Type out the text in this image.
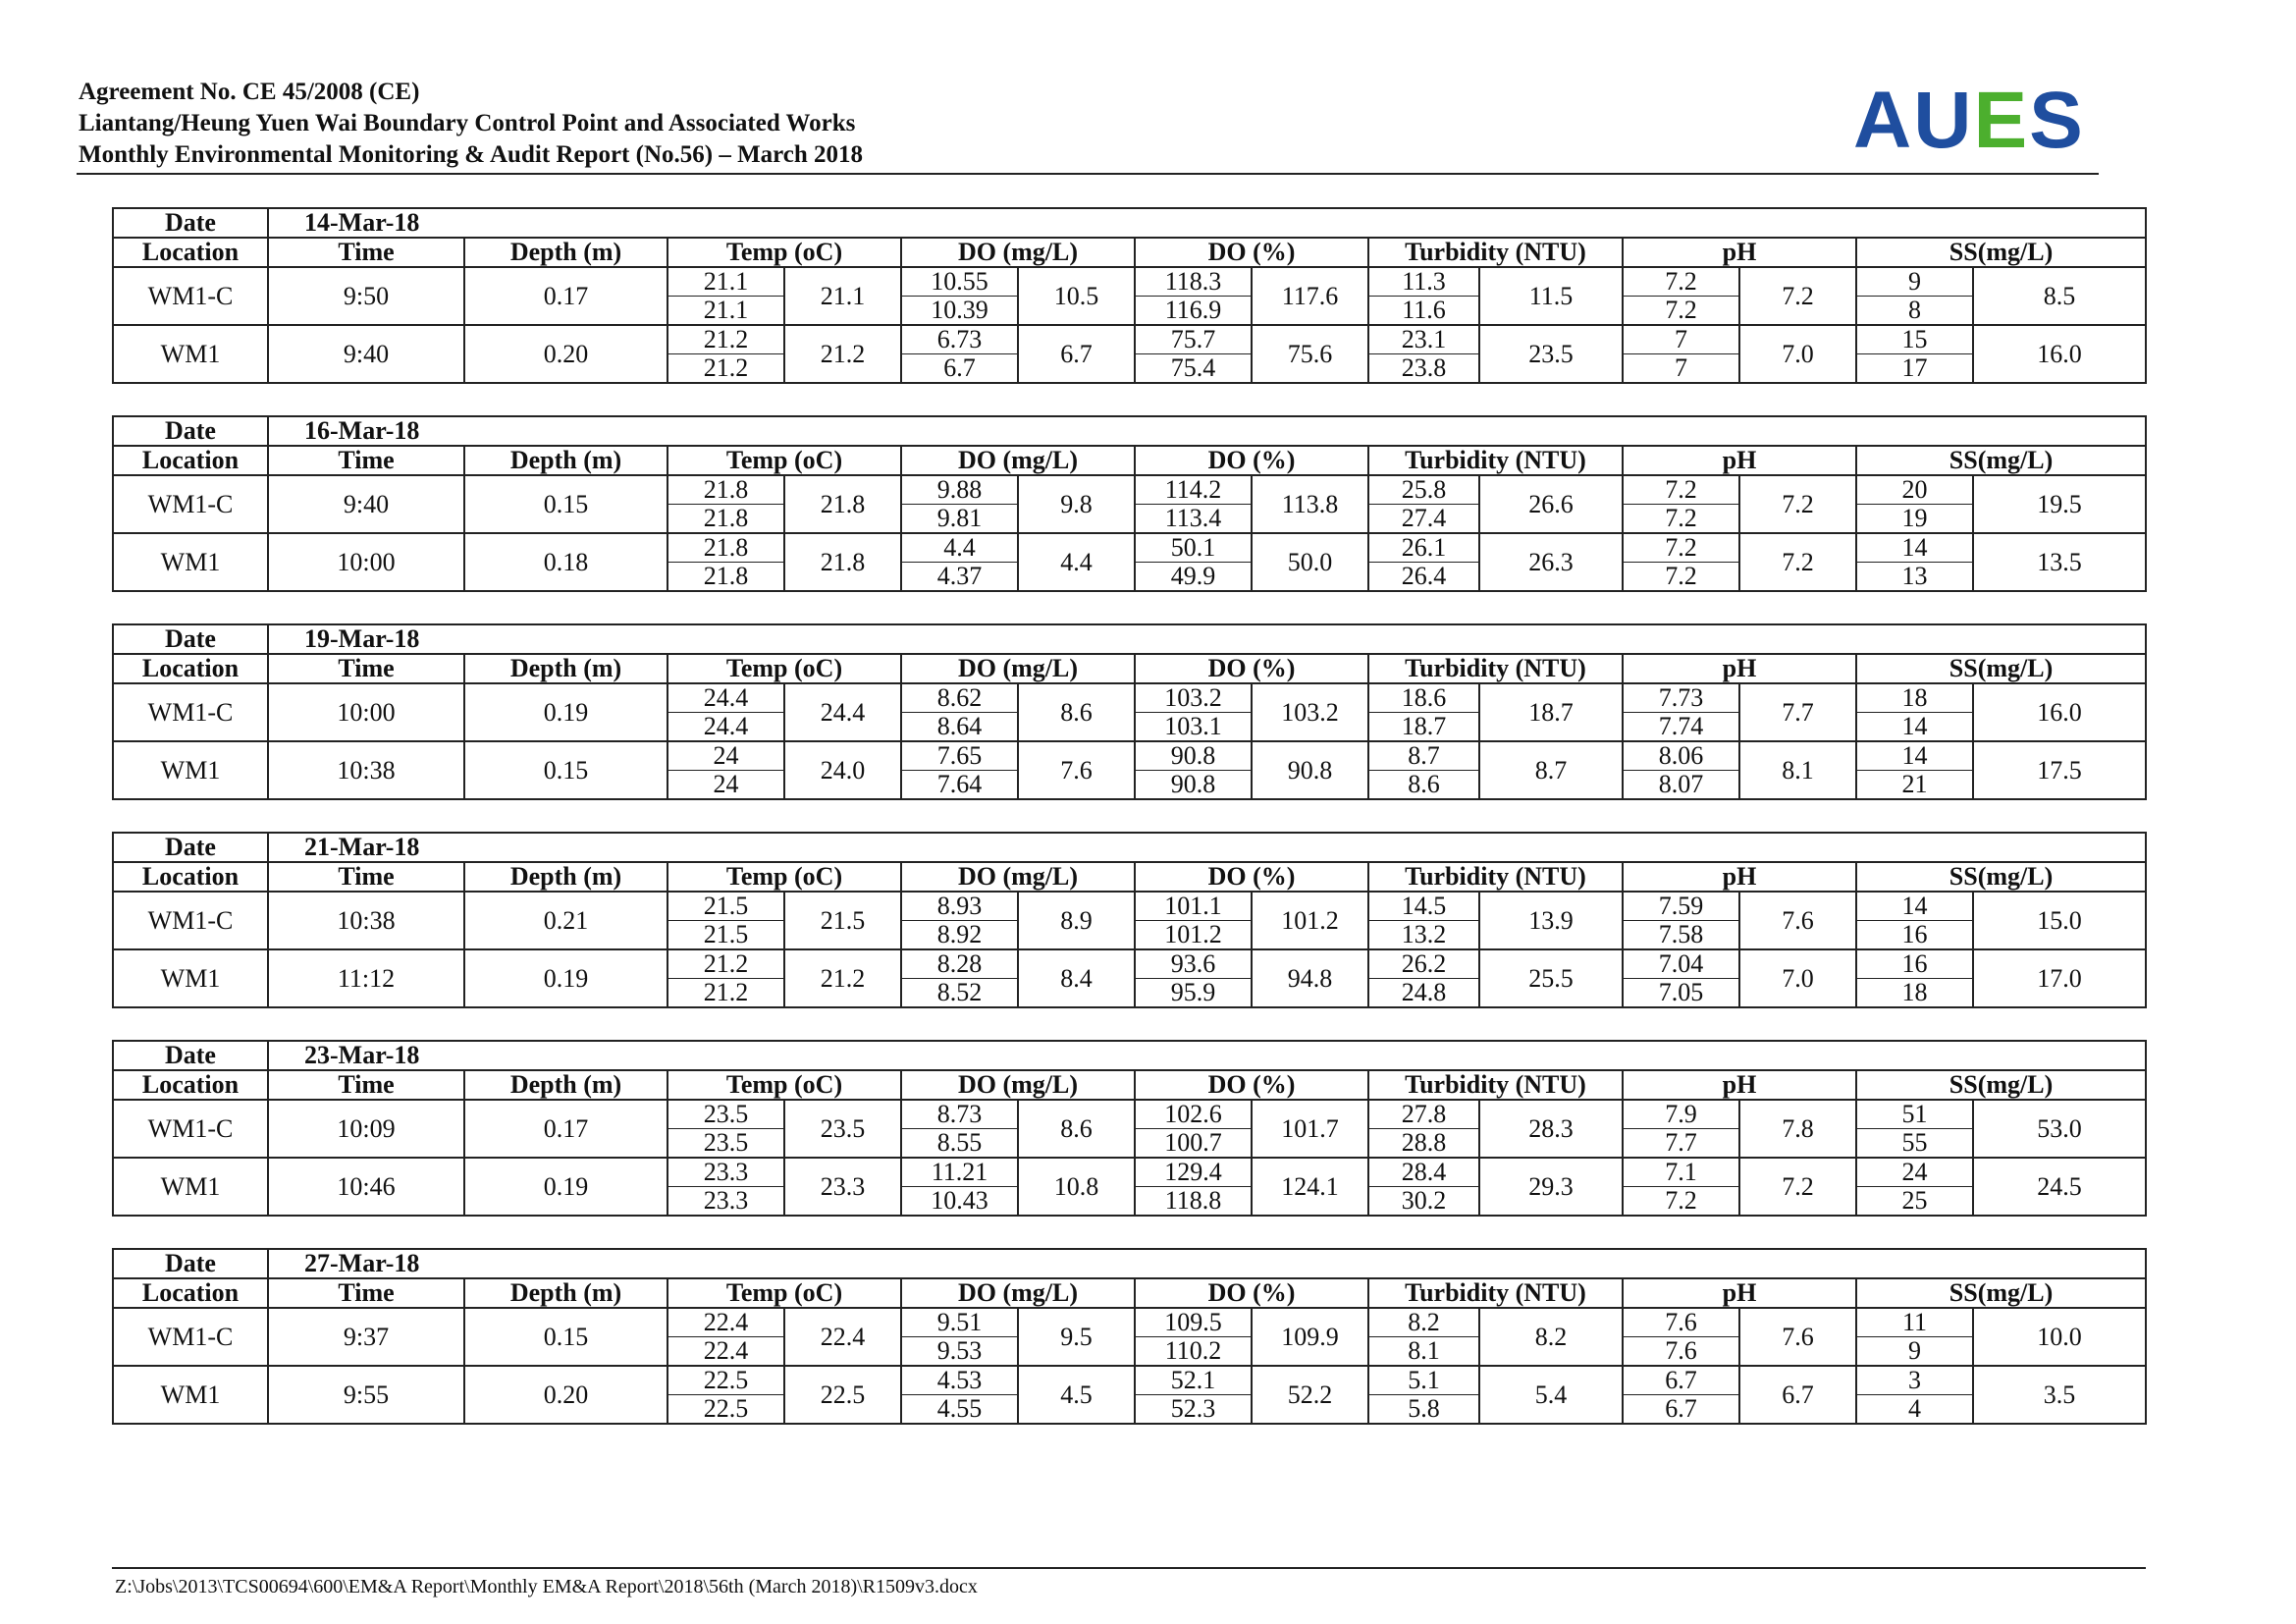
Agreement No. CE 45/2008 (CE)
Liantang/Heung Yuen Wai Boundary Control Point and Associated Works
Monthly Environmental Monitoring & Audit Report (No.56) – March 2018	AUES
Date	14-Mar-18													
Location	Time	Depth (m)	Temp (oC)		DO (mg/L)		DO (%)		Turbidity (NTU)		pH		SS(mg/L)	
WM1-C	9:50	0.17	21.1	21.1	10.55	10.5	118.3	117.6	11.3	11.5	7.2	7.2	9	8.5
			21.1		10.39		116.9		11.6		7.2		8	
WM1	9:40	0.20	21.2	21.2	6.73	6.7	75.7	75.6	23.1	23.5	7	7.0	15	16.0
			21.2		6.7		75.4		23.8		7		17	
Date	16-Mar-18													
Location	Time	Depth (m)	Temp (oC)		DO (mg/L)		DO (%)		Turbidity (NTU)		pH		SS(mg/L)	
WM1-C	9:40	0.15	21.8	21.8	9.88	9.8	114.2	113.8	25.8	26.6	7.2	7.2	20	19.5
			21.8		9.81		113.4		27.4		7.2		19	
WM1	10:00	0.18	21.8	21.8	4.4	4.4	50.1	50.0	26.1	26.3	7.2	7.2	14	13.5
			21.8		4.37		49.9		26.4		7.2		13	
Date	19-Mar-18													
Location	Time	Depth (m)	Temp (oC)		DO (mg/L)		DO (%)		Turbidity (NTU)		pH		SS(mg/L)	
WM1-C	10:00	0.19	24.4	24.4	8.62	8.6	103.2	103.2	18.6	18.7	7.73	7.7	18	16.0
			24.4		8.64		103.1		18.7		7.74		14	
WM1	10:38	0.15	24	24.0	7.65	7.6	90.8	90.8	8.7	8.7	8.06	8.1	14	17.5
			24		7.64		90.8		8.6		8.07		21	
Date	21-Mar-18													
Location	Time	Depth (m)	Temp (oC)		DO (mg/L)		DO (%)		Turbidity (NTU)		pH		SS(mg/L)	
WM1-C	10:38	0.21	21.5	21.5	8.93	8.9	101.1	101.2	14.5	13.9	7.59	7.6	14	15.0
			21.5		8.92		101.2		13.2		7.58		16	
WM1	11:12	0.19	21.2	21.2	8.28	8.4	93.6	94.8	26.2	25.5	7.04	7.0	16	17.0
			21.2		8.52		95.9		24.8		7.05		18	
Date	23-Mar-18													
Location	Time	Depth (m)	Temp (oC)		DO (mg/L)		DO (%)		Turbidity (NTU)		pH		SS(mg/L)	
WM1-C	10:09	0.17	23.5	23.5	8.73	8.6	102.6	101.7	27.8	28.3	7.9	7.8	51	53.0
			23.5		8.55		100.7		28.8		7.7		55	
WM1	10:46	0.19	23.3	23.3	11.21	10.8	129.4	124.1	28.4	29.3	7.1	7.2	24	24.5
			23.3		10.43		118.8		30.2		7.2		25	
Date	27-Mar-18													
Location	Time	Depth (m)	Temp (oC)		DO (mg/L)		DO (%)		Turbidity (NTU)		pH		SS(mg/L)	
WM1-C	9:37	0.15	22.4	22.4	9.51	9.5	109.5	109.9	8.2	8.2	7.6	7.6	11	10.0
			22.4		9.53		110.2		8.1		7.6		9	
WM1	9:55	0.20	22.5	22.5	4.53	4.5	52.1	52.2	5.1	5.4	6.7	6.7	3	3.5
			22.5		4.55		52.3		5.8		6.7		4	
Z:\Jobs\2013\TCS00694\600\EM&A Report\Monthly EM&A Report\2018\56th (March 2018)\R1509v3.docx
